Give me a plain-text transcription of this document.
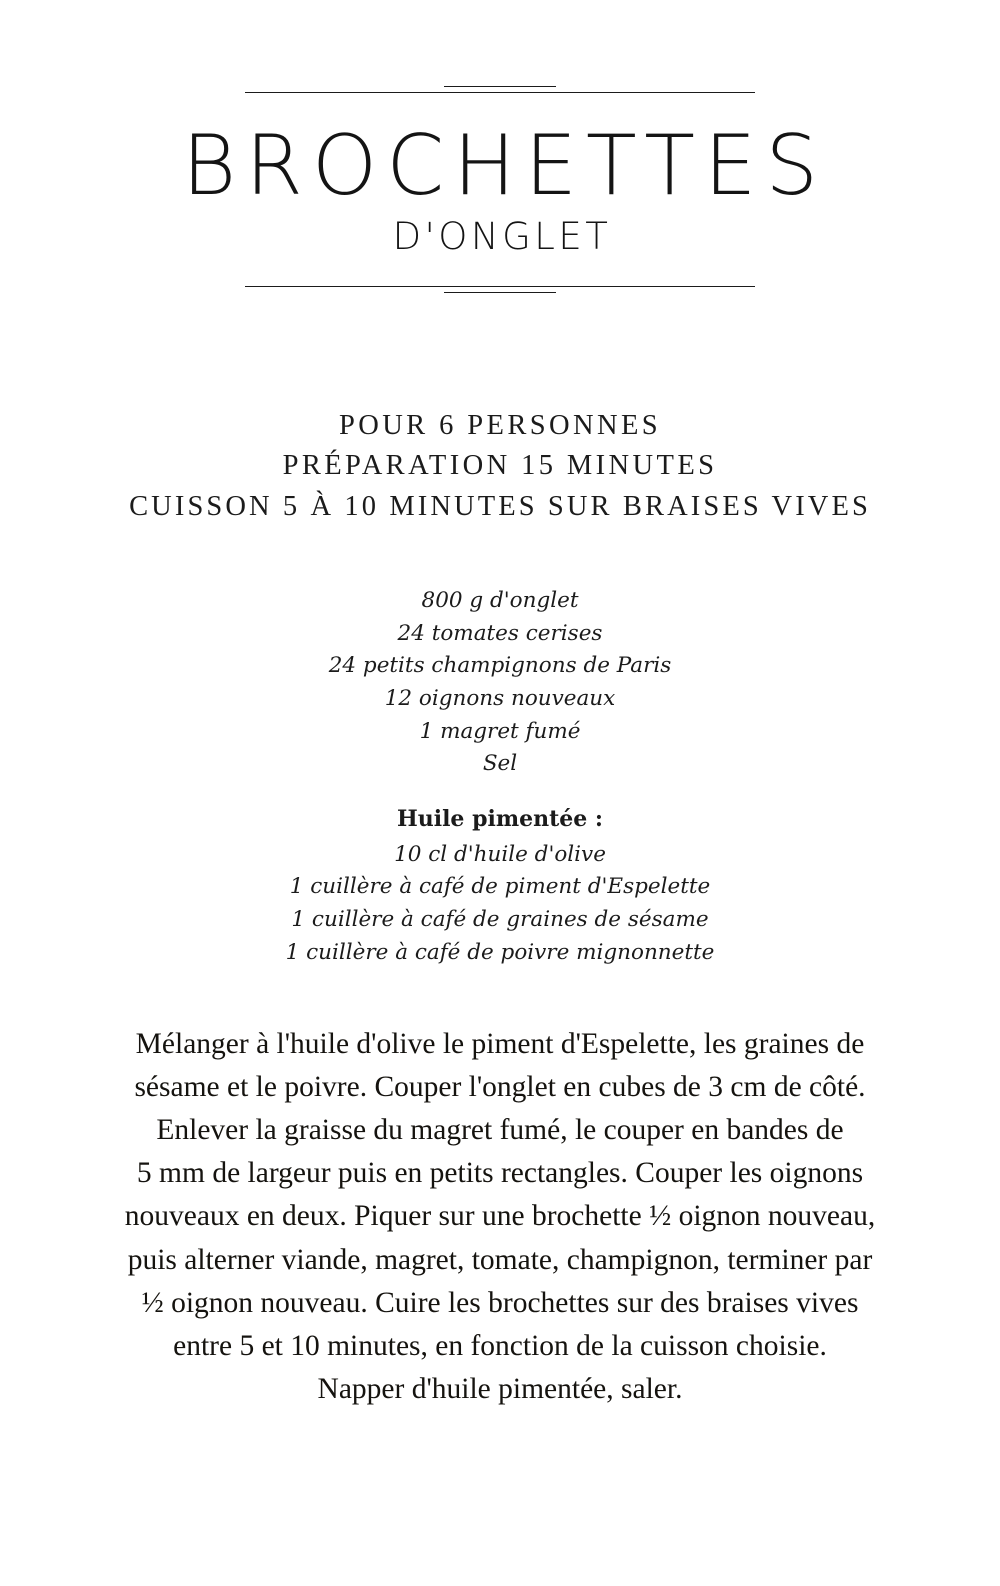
BROCHETTES
D'ONGLET
POUR 6 PERSONNES
PRÉPARATION 15 MINUTES
CUISSON 5 À 10 MINUTES SUR BRAISES VIVES
800 g d'onglet
24 tomates cerises
24 petits champignons de Paris
12 oignons nouveaux
1 magret fumé
Sel
Huile pimentée :
10 cl d'huile d'olive
1 cuillère à café de piment d'Espelette
1 cuillère à café de graines de sésame
1 cuillère à café de poivre mignonnette

Mélanger à l'huile d'olive le piment d'Espelette, les graines de

sésame et le poivre. Couper l'onglet en cubes de 3 cm de côté.

Enlever la graisse du magret fumé, le couper en bandes de

5 mm de largeur puis en petits rectangles. Couper les oignons

nouveaux en deux. Piquer sur une brochette ½ oignon nouveau,

puis alterner viande, magret, tomate, champignon, terminer par

½ oignon nouveau. Cuire les brochettes sur des braises vives

entre 5 et 10 minutes, en fonction de la cuisson choisie.

Napper d'huile pimentée, saler.
